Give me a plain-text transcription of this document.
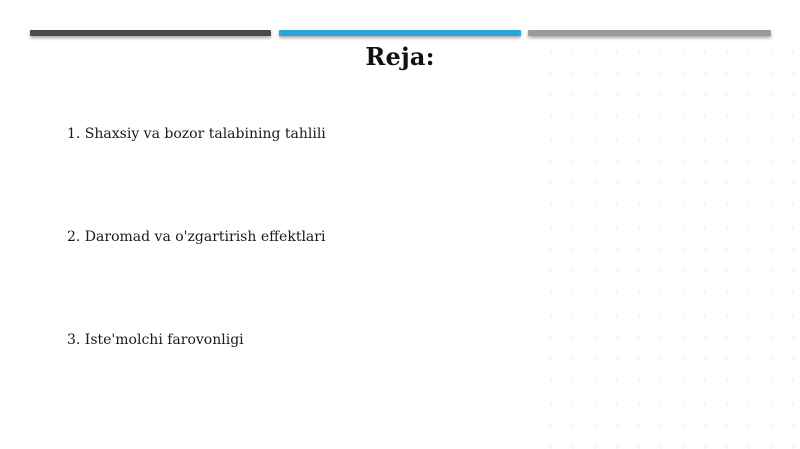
Reja:
1. Shaxsiy va bozor talabining tahlili
2. Daromad va o'zgartirish effektlari
3. Iste'molchi farovonligi
